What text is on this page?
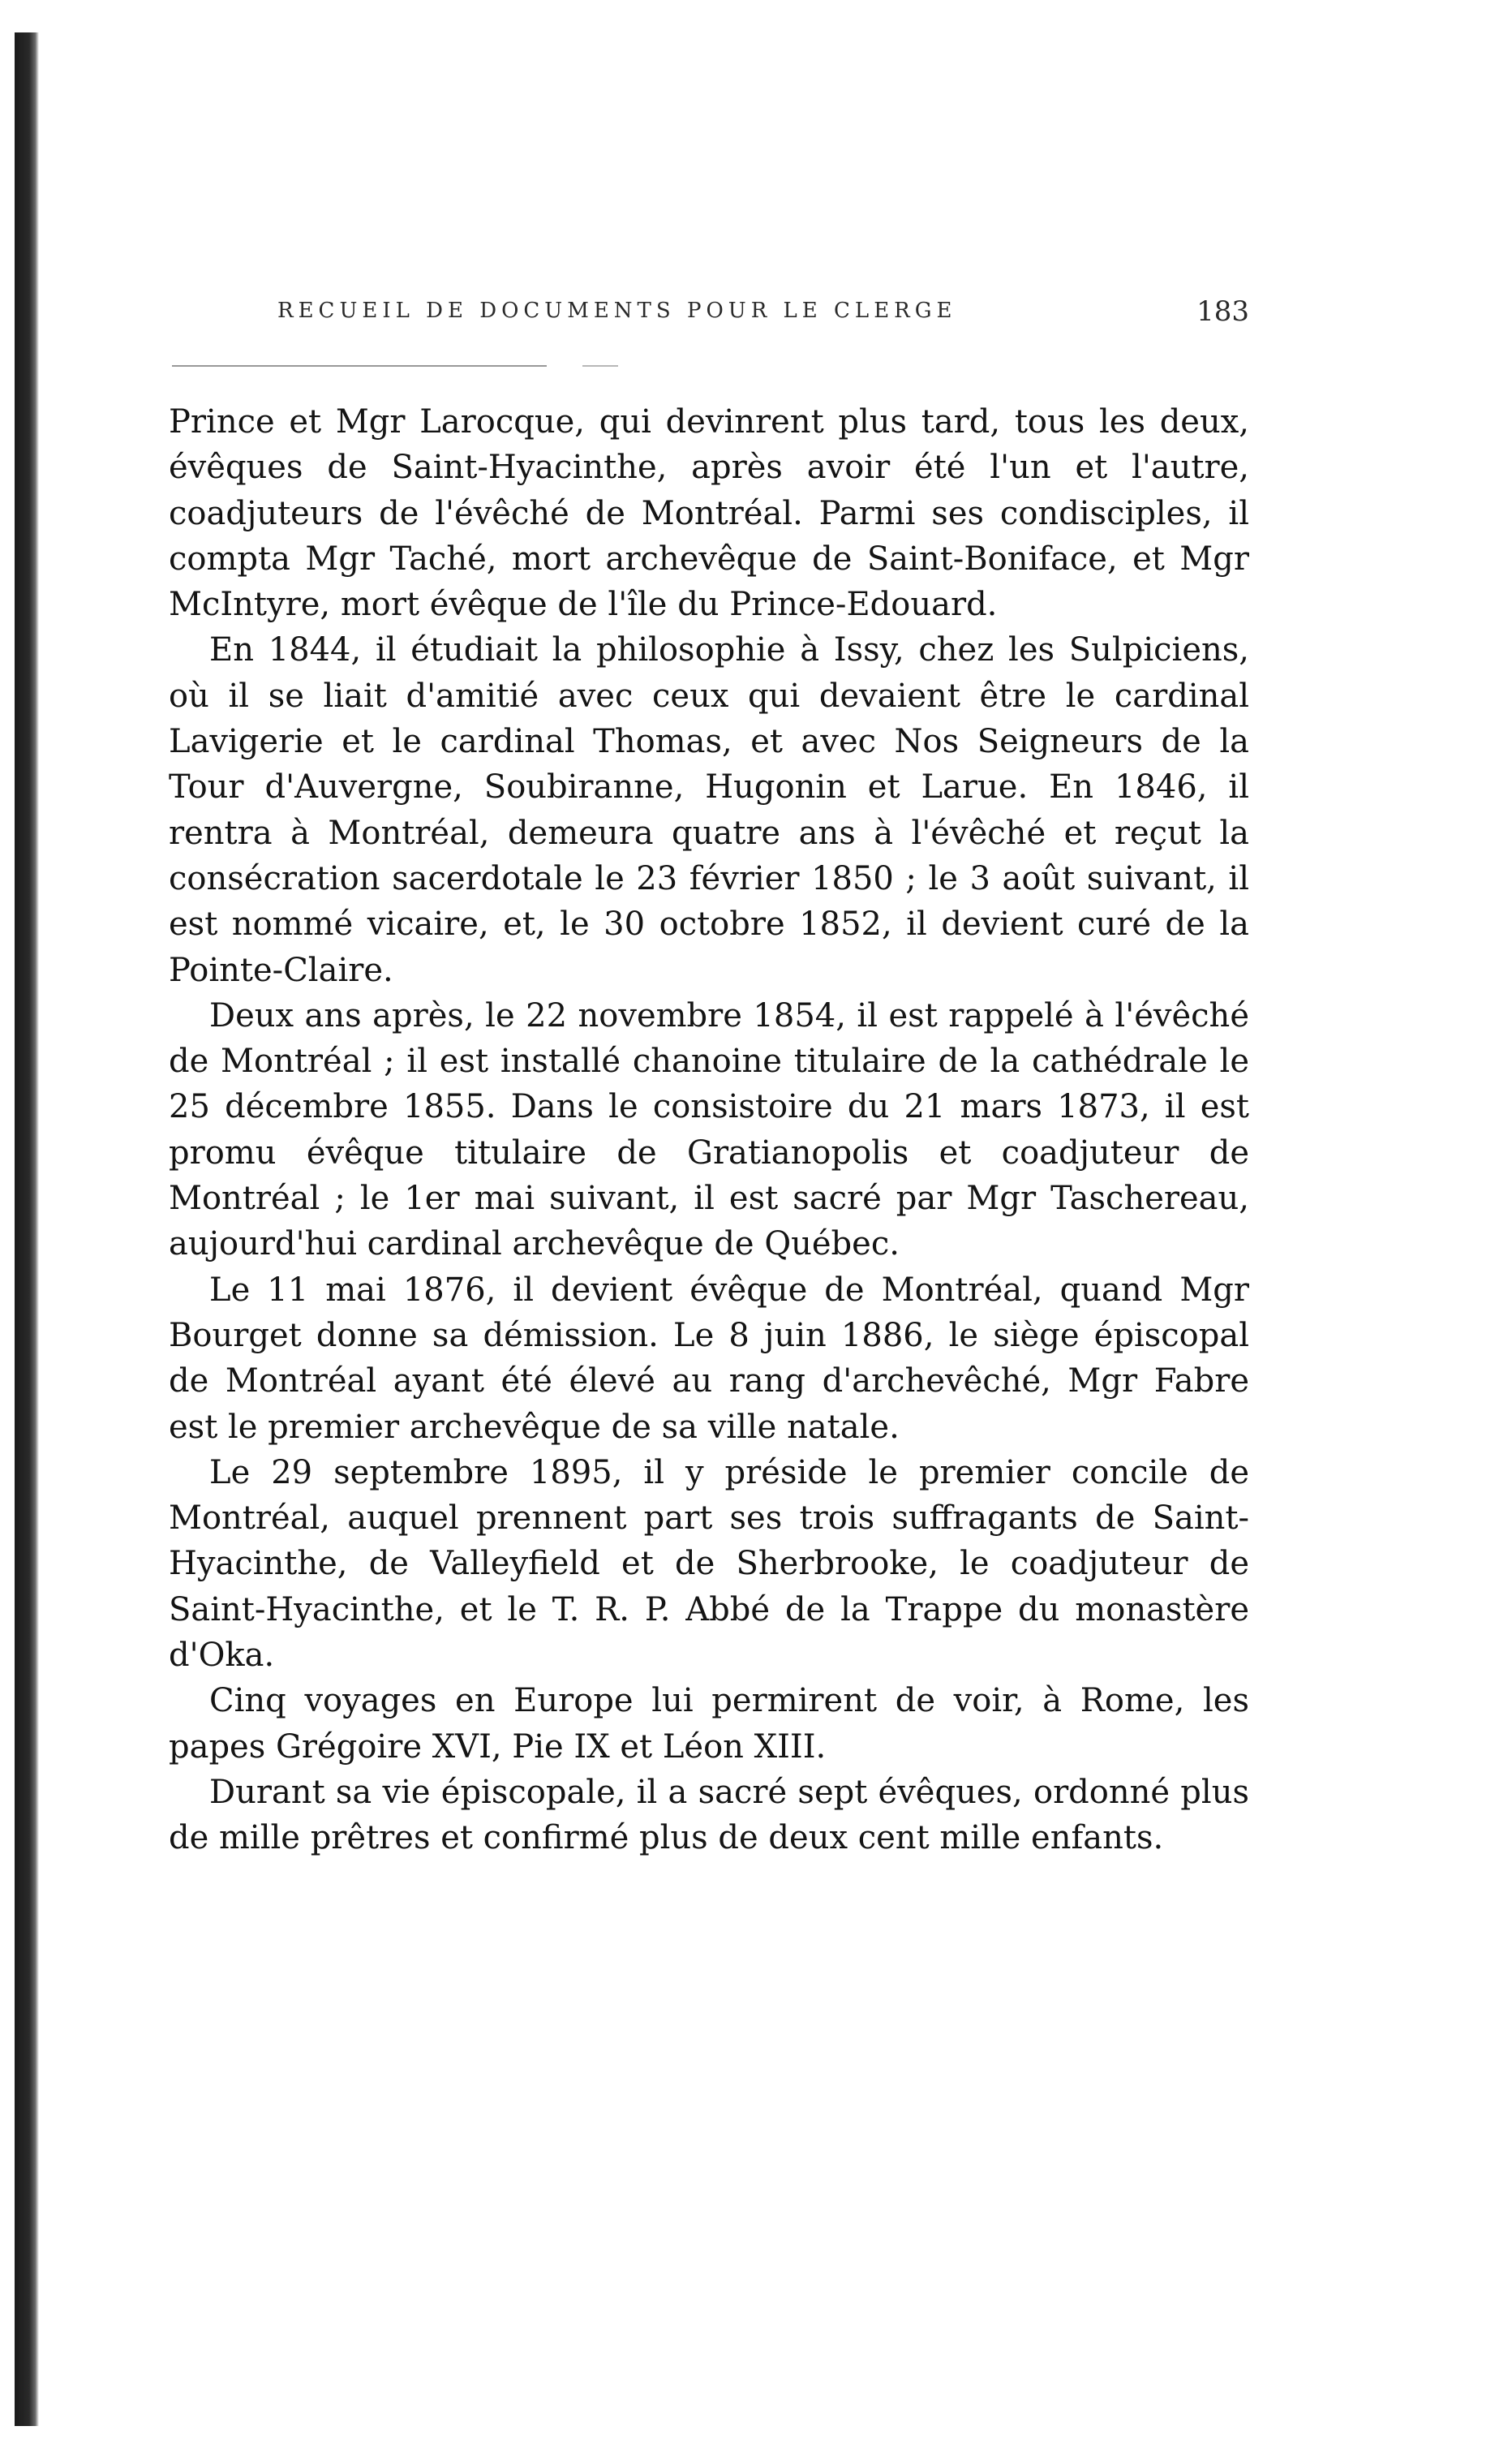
RECUEIL DE DOCUMENTS POUR LE CLERGE	183

Prince et Mgr Larocque, qui devinrent plus tard, tous les deux, évêques de Saint-Hyacinthe, après avoir été l'un et l'autre, coadjuteurs de l'évêché de Montréal. Parmi ses condisciples, il compta Mgr Taché, mort archevêque de Saint-Boniface, et Mgr McIntyre, mort évêque de l'île du Prince-Edouard.

En 1844, il étudiait la philosophie à Issy, chez les Sulpiciens, où il se liait d'amitié avec ceux qui devaient être le cardinal Lavigerie et le cardinal Thomas, et avec Nos Seigneurs de la Tour d'Auvergne, Soubiranne, Hugonin et Larue. En 1846, il rentra à Montréal, demeura quatre ans à l'évêché et reçut la consécration sacerdotale le 23 février 1850 ; le 3 août suivant, il est nommé vicaire, et, le 30 octobre 1852, il devient curé de la Pointe-Claire.

Deux ans après, le 22 novembre 1854, il est rappelé à l'évêché de Montréal ; il est installé chanoine titulaire de la cathédrale le 25 décembre 1855. Dans le consistoire du 21 mars 1873, il est promu évêque titulaire de Gratianopolis et coadjuteur de Montréal ; le 1er mai suivant, il est sacré par Mgr Taschereau, aujourd'hui cardinal archevêque de Québec.

Le 11 mai 1876, il devient évêque de Montréal, quand Mgr Bourget donne sa démission. Le 8 juin 1886, le siège épiscopal de Montréal ayant été élevé au rang d'archevêché, Mgr Fabre est le premier archevêque de sa ville natale.

Le 29 septembre 1895, il y préside le premier concile de Montréal, auquel prennent part ses trois suffragants de Saint-Hyacinthe, de Valleyfield et de Sherbrooke, le coadjuteur de Saint-Hyacinthe, et le T. R. P. Abbé de la Trappe du monastère d'Oka.

Cinq voyages en Europe lui permirent de voir, à Rome, les papes Grégoire XVI, Pie IX et Léon XIII.

Durant sa vie épiscopale, il a sacré sept évêques, ordonné plus de mille prêtres et confirmé plus de deux cent mille enfants.
